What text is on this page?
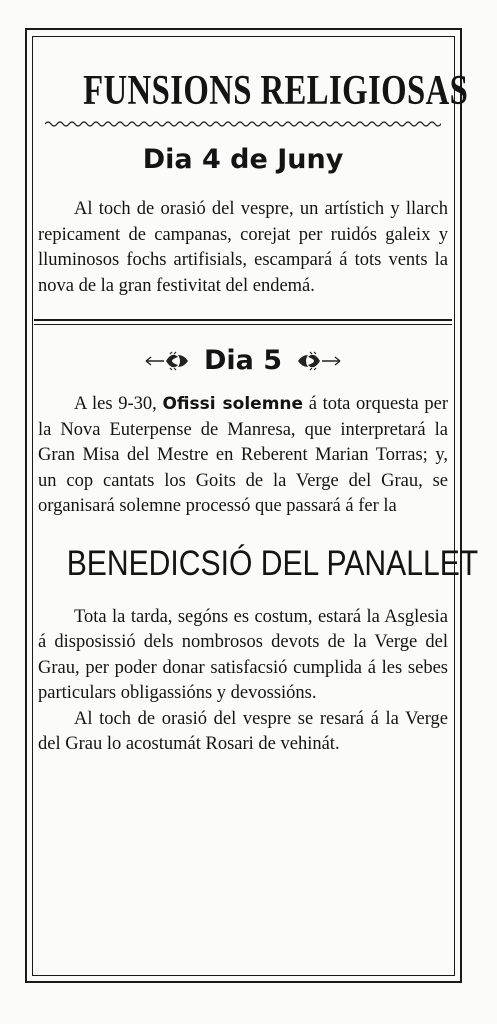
FUNSIONS RELIGIOSAS
Dia 4 de Juny

Al toch de orasió del vespre, un artístich y llarch repicament de campanas, corejat per ruidós galeix y lluminosos fochs artifisials, escampará á tots vents la nova de la gran festivitat del endemá.

Dia 5

A les 9-30, Ofissi solemne á tota orquesta per la Nova Euterpense de Manresa, que interpretará la Gran Misa del Mestre en Reberent Marian Torras; y, un cop cantats los Goits de la Verge del Grau, se organisará solemne processó que passará á fer la

BENEDICSIÓ DEL PANALLET

Tota la tarda, segóns es costum, estará la Asglesia á disposissió dels nombrosos devots de la Verge del Grau, per poder donar satisfacsió cumplida á les sebes particulars obligassións y devossións.

Al toch de orasió del vespre se resará á la Verge del Grau lo acostumát Rosari de vehinát.
